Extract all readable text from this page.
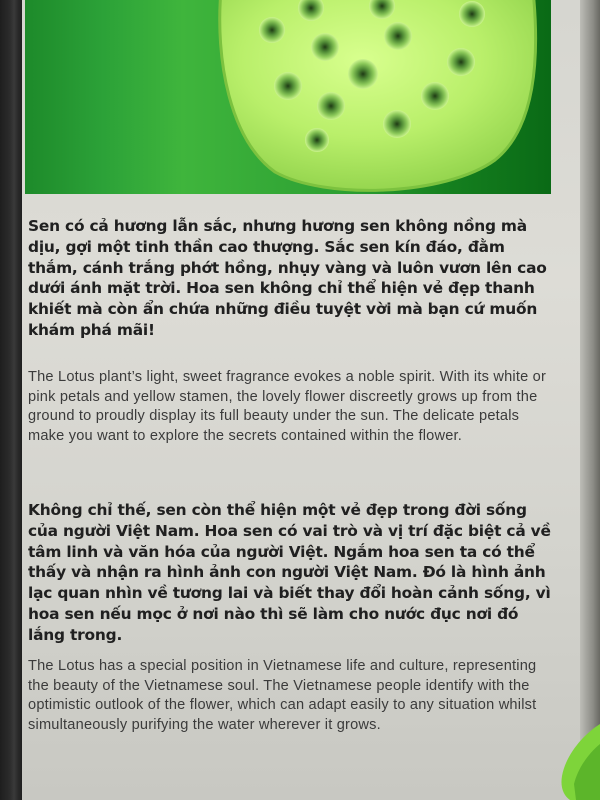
Sen có cả hương lẫn sắc, nhưng hương sen không nồng mà dịu, gợi một tinh thần cao thượng. Sắc sen kín đáo, đằm thắm, cánh trắng phớt hồng, nhụy vàng và luôn vươn lên cao dưới ánh mặt trời. Hoa sen không chỉ thể hiện vẻ đẹp thanh khiết mà còn ẩn chứa những điều tuyệt vời mà bạn cứ muốn khám phá mãi!

The Lotus plant’s light, sweet fragrance evokes a noble spirit. With its white or pink petals and yellow stamen, the lovely flower discreetly grows up from the ground to proudly display its full beauty under the sun. The delicate petals make you want to explore the secrets contained within the flower.

Không chỉ thế, sen còn thể hiện một vẻ đẹp trong đời sống của người Việt Nam. Hoa sen có vai trò và vị trí đặc biệt cả về tâm linh và văn hóa của người Việt. Ngắm hoa sen ta có thể thấy và nhận ra hình ảnh con người Việt Nam. Đó là hình ảnh lạc quan nhìn về tương lai và biết thay đổi hoàn cảnh sống, vì hoa sen nếu mọc ở nơi nào thì sẽ làm cho nước đục nơi đó lắng trong.

The Lotus has a special position in Vietnamese life and culture, representing the beauty of the Vietnamese soul. The Vietnamese people identify with the optimistic outlook of the flower, which can adapt easily to any situation whilst simultaneously purifying the water wherever it grows.
